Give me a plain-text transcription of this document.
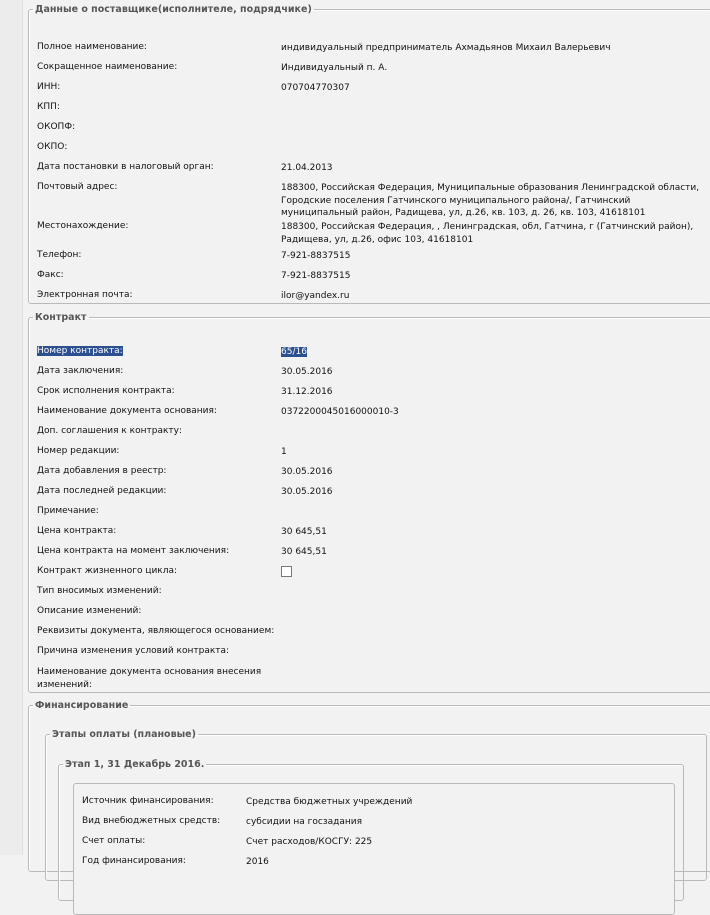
Данные о поставщике(исполнителе, подрядчике)
Полное наименование:	индивидуальный предприниматель Ахмадьянов Михаил Валерьевич
Сокращенное наименование:	Индивидуальный п. А.
ИНН:	070704770307
КПП:
ОКОПФ:
ОКПО:
Дата постановки в налоговый орган:	21.04.2013
Почтовый адрес:	188300, Российская Федерация, Муниципальные образования Ленинградской области, Городские поселения Гатчинского муниципального района/, Гатчинский муниципальный район, Радищева, ул, д.26, кв. 103, д. 26, кв. 103, 41618101
Местонахождение:	188300, Российская Федерация, , Ленинградская, обл, Гатчина, г (Гатчинский район), Радищева, ул, д.26, офис 103, 41618101
Телефон:	7-921-8837515
Факс:	7-921-8837515
Электронная почта:	ilor@yandex.ru
Контракт
Номер контракта:	65/16
Дата заключения:	30.05.2016
Срок исполнения контракта:	31.12.2016
Наименование документа основания:	0372200045016000010-3
Доп. соглашения к контракту:
Номер редакции:	1
Дата добавления в реестр:	30.05.2016
Дата последней редакции:	30.05.2016
Примечание:
Цена контракта:	30 645,51
Цена контракта на момент заключения:	30 645,51
Контракт жизненного цикла:
Тип вносимых изменений:
Описание изменений:
Реквизиты документа, являющегося основанием:
Причина изменения условий контракта:
Наименование документа основания внесения изменений:
Финансирование
Этапы оплаты (плановые)
Этап 1, 31 Декабрь 2016.
Источник финансирования:	Средства бюджетных учреждений
Вид внебюджетных средств:	субсидии на госзадания
Счет оплаты:	Счет расходов/КОСГУ: 225
Год финансирования:	2016
